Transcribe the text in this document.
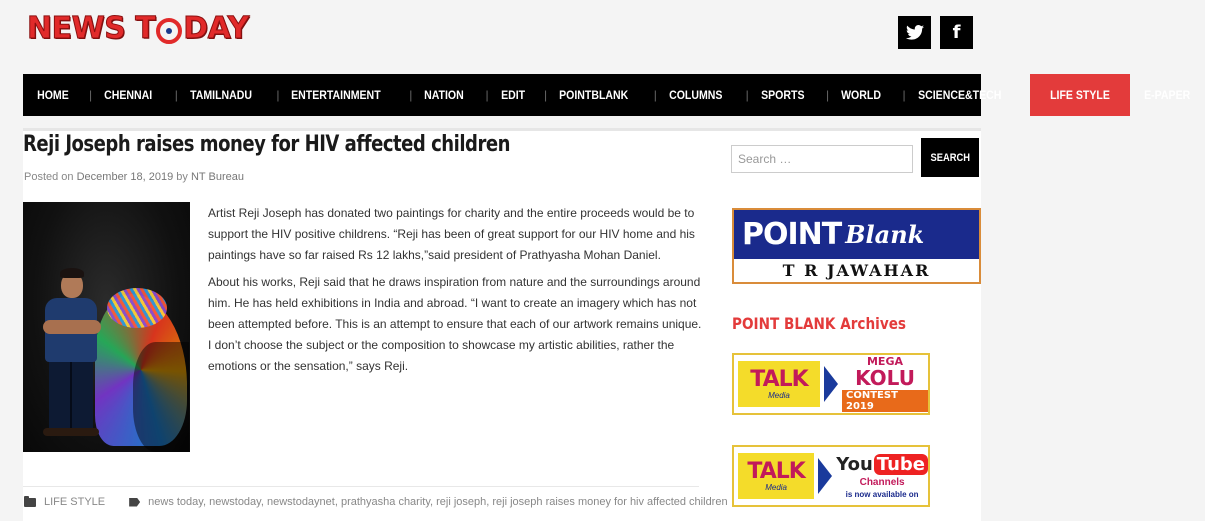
NEWS T DAY	f
HOME	|	CHENNAI	|	TAMILNADU	|	ENTERTAINMENT	|	NATION	|	EDIT	|	POINTBLANK	|	COLUMNS	|	SPORTS	|	WORLD	|	SCIENCE&TECH	LIFE STYLE	E-PAPER
Reji Joseph raises money for HIV affected children
Posted on December 18, 2019 by NT Bureau

Artist Reji Joseph has donated two paintings for charity and the entire proceeds would be to support the HIV positive childrens. “Reji has been of great support for our HIV home and his paintings have so far raised Rs 12 lakhs,”said president of Prathyasha Mohan Daniel.

About his works, Reji said that he draws inspiration from nature and the surroundings around him. He has held exhibitions in India and abroad. “I want to create an imagery which has not been attempted before. This is an attempt to ensure that each of our artwork remains unique. I don’t choose the subject or the composition to showcase my artistic abilities, rather the emotions or the sensation,” says Reji.

LIFE STYLE	news today, newstoday, newstodaynet, prathyasha charity, reji joseph, reji joseph raises money for hiv affected children
Search …
SEARCH
POINT Blank
T R JAWAHAR
POINT BLANK Archives
TALK
Media
MEGA
KOLU
CONTEST 2019
TALK
Media
You Tube
Channels
is now available on
